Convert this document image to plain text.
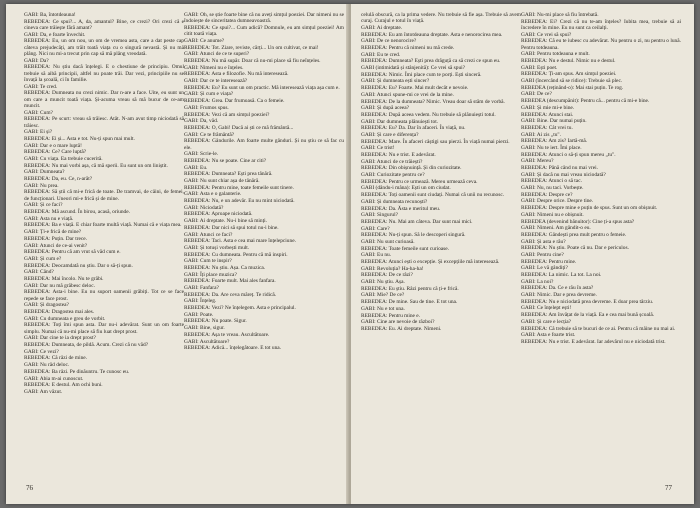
GABI: Ba, întotdeauna!

REBEDEA: Ce spui?... A, da, amantul? Bine, ce crezi? Ori crezi că e cineva care trăiește fără amant?

GABI: Da, e foarte învechit.

REBEDEA: Eu, un om nou, un om de vremea asta, care a dat peste cap câteva prejudecăți, am trăit toată viața cu o singură nevastă. Și nu mă plâng. Nici nu mi-a trecut prin cap să mă plâng vreodată.

GABI: Da?

REBEDEA: Nu știu dacă înțelegi. E o chestiune de principiu. Omul trebuie să aibă principii, altfel nu poate trăi. Dar vezi, principiile nu se învață la școală, ci în familie.

GABI: Te cred.

REBEDEA: Dumneata nu crezi nimic. Dar n-are a face. Uite, eu sunt un om care a muncit toată viața. Și-acuma vreau să mă bucur de ce-am muncit.

GABI: Cum?

REBEDEA: Pe scurt: vreau să trăiesc. Atât. N-am avut timp niciodată să trăiesc.

GABI: Ei și?

REBEDEA: Ei și... Asta e tot. Nu-ți spun mai mult.

GABI: Dar e o mare luptă!

REBEDEA: Ce? Care luptă?

GABI: Cu viața. Ea trebuie cucerită.

REBEDEA: Nu mai vorbi așa, că mă sperii. Eu sunt un om liniștit.

GABI: Dumneata?

REBEDEA: Da, eu. Ce, n-arăt?

GABI: Nu prea.

REBEDEA: Să știi că mi-e frică de toate. De tramvai, de câini, de femei, de funcționari. Uneori mi-e frică și de mine.

GABI: Și ce faci?

REBEDEA: Mă ascund. În birou, acasă, oriunde.

GABI: Asta nu e viață.

REBEDEA: Ba e viață. E chiar foarte multă viață. Numai că e viața mea.

GABI: Ți-e frică de mine?

REBEDEA: Puțin. Dar trece.

GABI: Atunci de ce-ai venit?

REBEDEA: Pentru că am vrut să văd cum e.

GABI: Și cum e?

REBEDEA: Deocamdată nu știu. Dar o să-ți spun.

GABI: Când?

REBEDEA: Mai încolo. Nu te grăbi.

GABI: Dar nu mă grăbesc deloc.

REBEDEA: Asta-i bine. Eu nu suport oamenii grăbiți. Tot ce se face repede se face prost.

GABI: Și dragostea?

REBEDEA: Dragostea mai ales.

GABI: Cu dumneata e greu de vorbit.

REBEDEA: Toți îmi spun asta. Dar nu-i adevărat. Sunt un om foarte simplu. Numai că nu-mi place să fiu luat drept prost.

GABI: Dar cine te ia drept prost?

REBEDEA: Dumneata, de pildă. Acum. Crezi că nu văd?

GABI: Ce vezi?

REBEDEA: Că râzi de mine.

GABI: Nu râd deloc.

REBEDEA: Ba râzi. Pe dinăuntru. Te cunosc eu.

GABI: Abia m-ai cunoscut.

REBEDEA: E destul. Am ochi buni.

GABI: Am văzut.

GABI: Oh, se știe foarte bine că nu aveți simțul poeziei. Dar nimeni nu se îndoiește de sinceritatea dumneavoastră.

REBEDEA: Ce spui?... Cum adică? Domnule, eu am simțul poeziei! Am citit toată viața.

GABI: Ce anume?

REBEDEA: Tot. Ziare, reviste, cărți... Un om cultivat, ce mai!

GABI: Atunci de ce te superi?

REBEDEA: Nu mă supăr. Doar că nu-mi place să fiu neînțeles.

GABI: Nimeni nu e înțeles.

REBEDEA: Asta e filozofie. Nu mă interesează.

GABI: Dar ce te interesează?

REBEDEA: Eu? Eu sunt un om practic. Mă interesează viața așa cum e.

GABI: Și cum e viața?

REBEDEA: Grea. Dar frumoasă. Ca o femeie.

GABI: Frumos spus.

REBEDEA: Vezi că am simțul poeziei?

GABI: Da, văd.

REBEDEA: O, Gabi! Dacă ai ști ce mă frământă...

GABI: Ce te frământă?

REBEDEA: Gândurile. Am foarte multe gânduri. Și nu știu ce să fac cu ele.

GABI: Scrie-le.

REBEDEA: Nu se poate. Cine ar citi?

GABI: Eu.

REBEDEA: Dumneata? Ești prea tânără.

GABI: Nu sunt chiar așa de tânără.

REBEDEA: Pentru mine, toate femeile sunt tinere.

GABI: Asta e o galanterie.

REBEDEA: Nu, e un adevăr. Eu nu mint niciodată.

GABI: Niciodată?

REBEDEA: Aproape niciodată.

GABI: Ai dreptate. Nu-i bine să minți.

REBEDEA: Dar nici să spui totul nu-i bine.

GABI: Atunci ce faci?

REBEDEA: Taci. Asta e cea mai mare înțelepciune.

GABI: Și totuși vorbești mult.

REBEDEA: Cu dumneata. Pentru că mă inspiri.

GABI: Cum te inspir?

REBEDEA: Nu știu. Așa. Ca muzica.

GABI: Îți place muzica?

REBEDEA: Foarte mult. Mai ales fanfara.

GABI: Fanfara?

REBEDEA: Da. Are ceva măreț. Te ridică.

GABI: Înțeleg.

REBEDEA: Vezi? Ne înțelegem. Asta e principalul.

GABI: Poate.

REBEDEA: Nu poate. Sigur.

GABI: Bine, sigur.

REBEDEA: Așa te vreau. Ascultătoare.

GABI: Ascultătoare?

REBEDEA: Adică... înțelegătoare. E tot una.

76

celulă obscură, ca la prima vedere. Nu trebuie să fie așa. Trebuie să avem curaj. Curajul e totul în viață.

GABI: Ai dreptate.

REBEDEA: Eu am întotdeauna dreptate. Asta e nenorocirea mea.

GABI: De ce nenorocire?

REBEDEA: Pentru că nimeni nu mă crede.

GABI: Eu te cred.

REBEDEA: Dumneata? Ești prea drăguță ca să crezi ce spun eu.

GABI (intimidată și stânjenită): Ce vrei să spui?

REBEDEA: Nimic. Îmi place cum te porți. Ești sinceră.

GABI: Și dumneata ești sincer?

REBEDEA: Eu? Foarte. Mai mult decât e nevoie.

GABI: Atunci spune-mi ce vrei de la mine.

REBEDEA: De la dumneata? Nimic. Vreau doar să stăm de vorbă.

GABI: Și după aceea?

REBEDEA: După aceea vedem. Nu trebuie să plănuiești totul.

GABI: Dar dumneata plănuiești tot.

REBEDEA: Eu? Da. Dar în afaceri. În viață, nu.

GABI: Și care e diferența?

REBEDEA: Mare. În afaceri câștigi sau pierzi. În viață numai pierzi.

GABI: Ce trist!

REBEDEA: Nu e trist. E adevărat.

GABI: Atunci de ce trăiești?

REBEDEA: Din obișnuință. Și din curiozitate.

GABI: Curiozitate pentru ce?

REBEDEA: Pentru ce urmează. Mereu urmează ceva.

GABI (dându-i mâna): Ești un om ciudat.

REBEDEA: Toți oamenii sunt ciudați. Numai că unii nu recunosc.

GABI: Și dumneata recunoști?

REBEDEA: Da. Ăsta e meritul meu.

GABI: Singurul?

REBEDEA: Nu. Mai am câteva. Dar sunt mai mici.

GABI: Care?

REBEDEA: Nu-ți spun. Să le descoperi singură.

GABI: Nu sunt curioasă.

REBEDEA: Toate femeile sunt curioase.

GABI: Eu nu.

REBEDEA: Atunci ești o excepție. Și excepțiile mă interesează.

GABI: Revoluția? Ha-ha-ha!

REBEDEA: De ce râzi?

GABI: Nu știu. Așa.

REBEDEA: Eu știu. Râzi pentru că ți-e frică.

GABI: Mie? De ce?

REBEDEA: De mine. Sau de tine. E tot una.

GABI: Nu e tot una.

REBEDEA: Pentru mine e.

GABI: Cine are nevoie de război?

REBEDEA: Eu. Ai dreptate. Nimeni.

GABI: Nu-mi place să fiu întrebată.

REBEDEA: Ei? Crezi că nu te-am înțeles? Iubita mea, trebuie să ai încredere în mine. Eu nu sunt ca ceilalți.

GABI: Ce vrei să spui?

REBEDEA: Că eu te iubesc cu adevărat. Nu pentru o zi, nu pentru o lună. Pentru totdeauna.

GABI: Pentru totdeauna e mult.

REBEDEA: Nu e destul. Nimic nu e destul.

GABI: Ești poet.

REBEDEA: Ți-am spus. Am simțul poeziei.

GABI (încercând să se ridice): Trebuie să plec.

REBEDEA (reținând-o): Mai stai puțin. Te rog.

GABI: De ce?

REBEDEA (descumpănit): Pentru că... pentru că mi-e bine.

GABI: Și mie mi-e bine.

REBEDEA: Atunci stai.

GABI: Bine. Dar numai puțin.

REBEDEA: Cât vrei tu.

GABI: Ai zis „tu".

REBEDEA: Am zis? Iartă-mă.

GABI: Nu te iert. Îmi place.

REBEDEA: Atunci o să-ți spun mereu „tu".

GABI: Mereu?

REBEDEA: Până când nu mai vrei.

GABI: Și dacă nu mai vreau niciodată?

REBEDEA: Atunci o să tac.

GABI: Nu, nu taci. Vorbește.

REBEDEA: Despre ce?

GABI: Despre orice. Despre tine.

REBEDEA: Despre mine e puțin de spus. Sunt un om obișnuit.

GABI: Nimeni nu e obișnuit.

REBEDEA (devenind bănuitor): Cine ți-a spus asta?

GABI: Nimeni. Am gândit-o eu.

REBEDEA: Gândești prea mult pentru o femeie.

GABI: Și asta e rău?

REBEDEA: Nu știu. Poate că nu. Dar e periculos.

GABI: Pentru cine?

REBEDEA: Pentru mine.

GABI: Le vă gândiți?

REBEDEA: La nimic. La tot. La noi.

GABI: La noi?

REBEDEA: Da. Ce e rău în asta?

GABI: Nimic. Dar e prea devreme.

REBEDEA: Nu e niciodată prea devreme. E doar prea târziu.

GABI: Ce înțelept ești!

REBEDEA: Am învățat de la viață. Ea e cea mai bună școală.

GABI: Și care e lecția?

REBEDEA: Că trebuie să te bucuri de ce ai. Pentru că mâine nu mai ai.

GABI: Asta e foarte trist.

REBEDEA: Nu e trist. E adevărat. Iar adevărul nu e niciodată trist.

77
